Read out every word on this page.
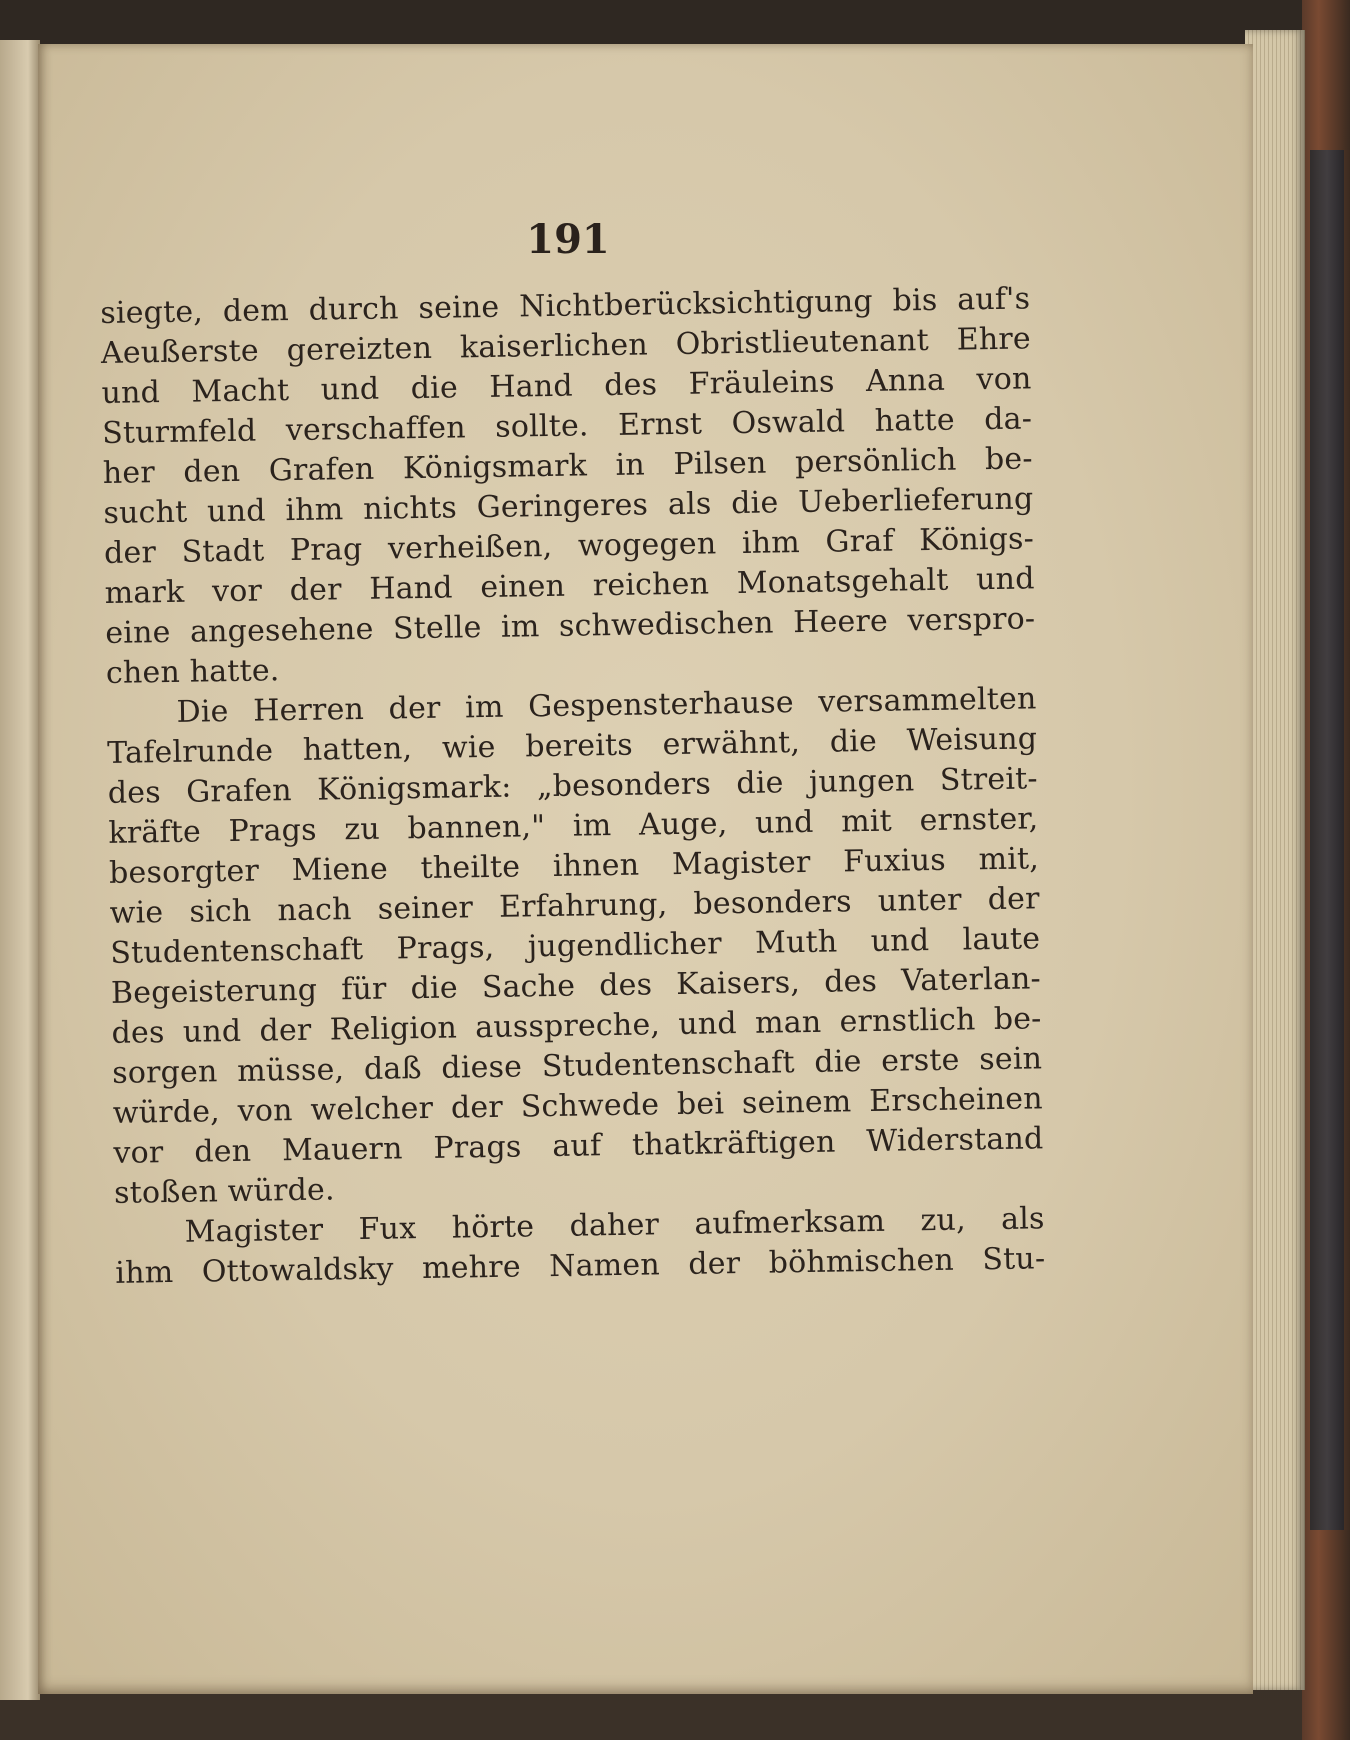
191
siegte, dem durch seine Nichtberücksichtigung bis auf's
Aeußerste gereizten kaiserlichen Obristlieutenant Ehre
und Macht und die Hand des Fräuleins Anna von
Sturmfeld verschaffen sollte. Ernst Oswald hatte da-
her den Grafen Königsmark in Pilsen persönlich be-
sucht und ihm nichts Geringeres als die Ueberlieferung
der Stadt Prag verheißen, wogegen ihm Graf Königs-
mark vor der Hand einen reichen Monatsgehalt und
eine angesehene Stelle im schwedischen Heere verspro-
chen hatte.
Die Herren der im Gespensterhause versammelten
Tafelrunde hatten, wie bereits erwähnt, die Weisung
des Grafen Königsmark: „besonders die jungen Streit-
kräfte Prags zu bannen," im Auge, und mit ernster,
besorgter Miene theilte ihnen Magister Fuxius mit,
wie sich nach seiner Erfahrung, besonders unter der
Studentenschaft Prags, jugendlicher Muth und laute
Begeisterung für die Sache des Kaisers, des Vaterlan-
des und der Religion ausspreche, und man ernstlich be-
sorgen müsse, daß diese Studentenschaft die erste sein
würde, von welcher der Schwede bei seinem Erscheinen
vor den Mauern Prags auf thatkräftigen Widerstand
stoßen würde.
Magister Fux hörte daher aufmerksam zu, als
ihm Ottowaldsky mehre Namen der böhmischen Stu-
